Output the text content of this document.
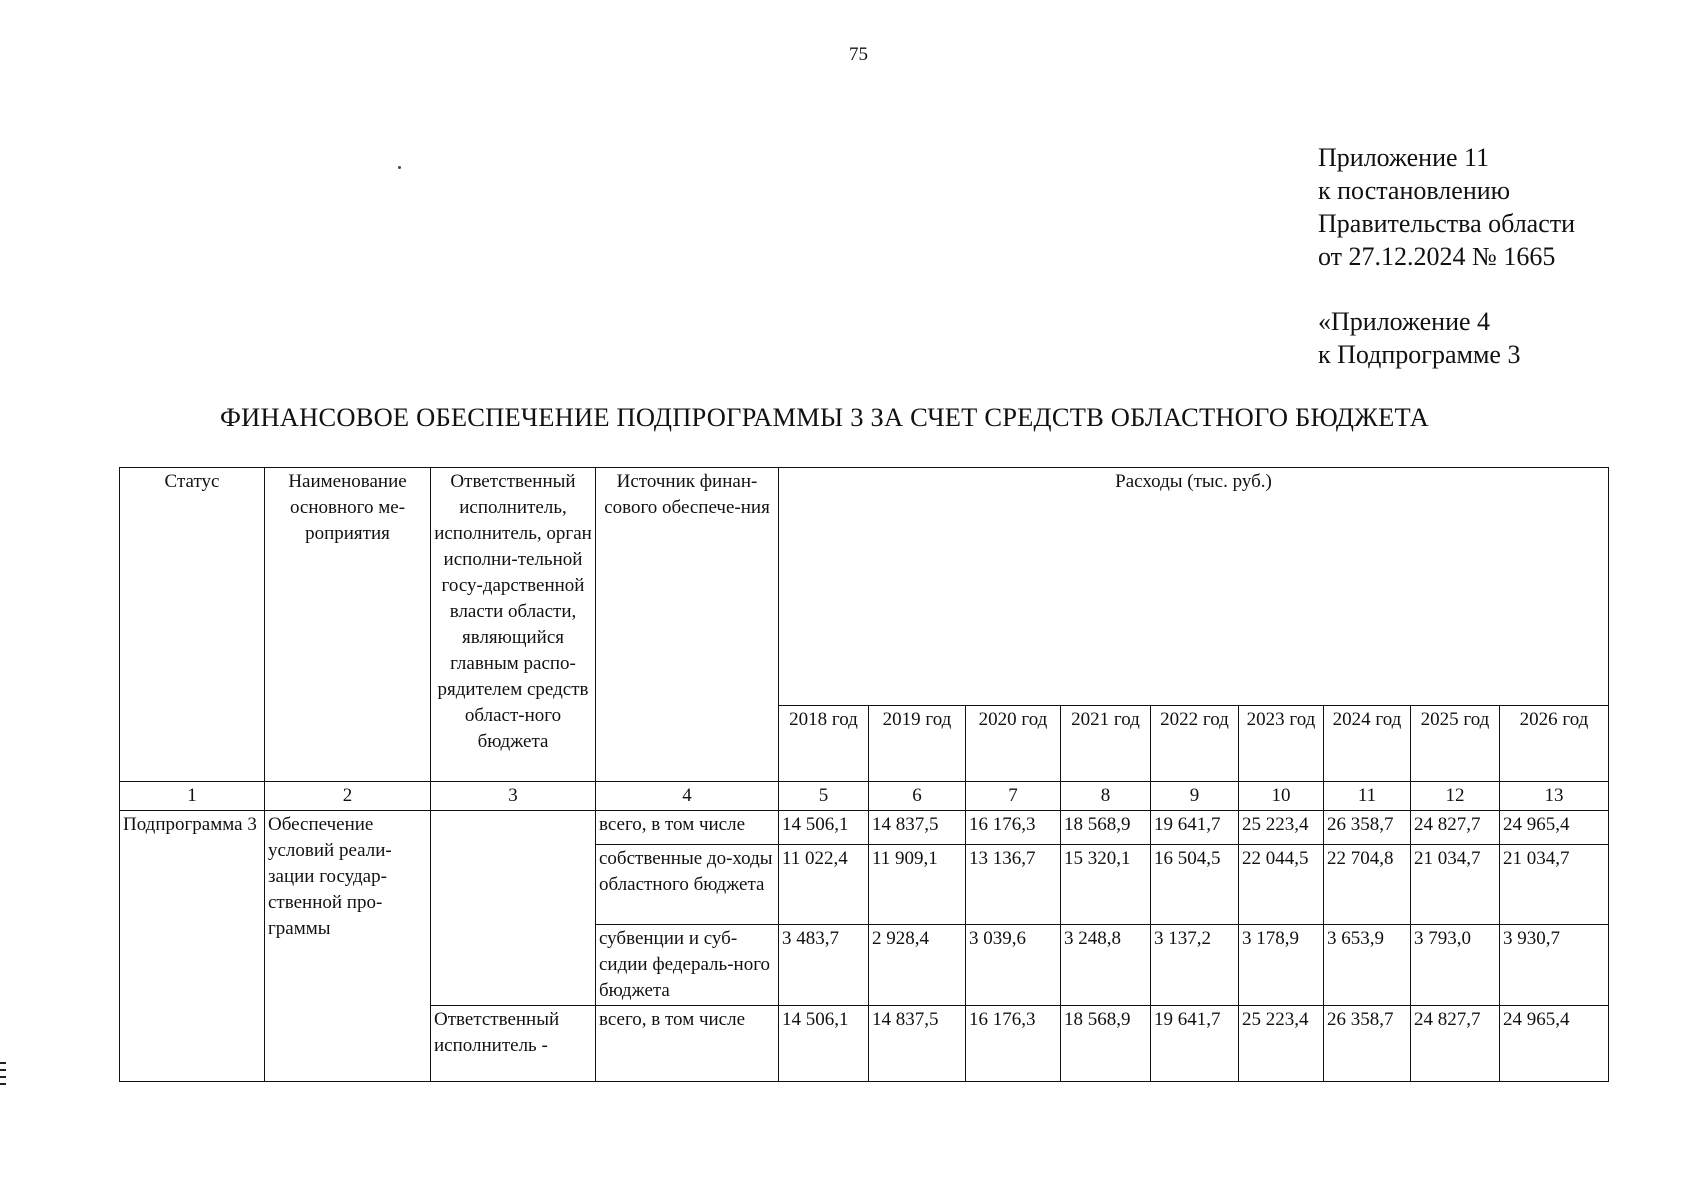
75
Приложение 11
к постановлению
Правительства области
от 27.12.2024 № 1665
«Приложение 4
к Подпрограмме 3
ФИНАНСОВОЕ ОБЕСПЕЧЕНИЕ ПОДПРОГРАММЫ 3 ЗА СЧЕТ СРЕДСТВ ОБЛАСТНОГО БЮДЖЕТА
Статус	Наименование основного ме-роприятия	Ответственный исполнитель, исполнитель, орган исполни-тельной госу-дарственной власти области, являющийся главным распо-рядителем средств област-ного бюджета	Источник финан-сового обеспече-ния	Расходы (тыс. руб.)								
				2018 год	2019 год	2020 год	2021 год	2022 год	2023 год	2024 год	2025 год	2026 год
1	2	3	4	5	6	7	8	9	10	11	12	13
Подпрограмма 3	Обеспечение условий реали-зации государ-ственной про-граммы		всего, в том числе	14 506,1	14 837,5	16 176,3	18 568,9	19 641,7	25 223,4	26 358,7	24 827,7	24 965,4
			собственные до-ходы областного бюджета	11 022,4	11 909,1	13 136,7	15 320,1	16 504,5	22 044,5	22 704,8	21 034,7	21 034,7
			субвенции и суб-сидии федераль-ного бюджета	3 483,7	2 928,4	3 039,6	3 248,8	3 137,2	3 178,9	3 653,9	3 793,0	3 930,7
		Ответственный исполнитель -	всего, в том числе	14 506,1	14 837,5	16 176,3	18 568,9	19 641,7	25 223,4	26 358,7	24 827,7	24 965,4
